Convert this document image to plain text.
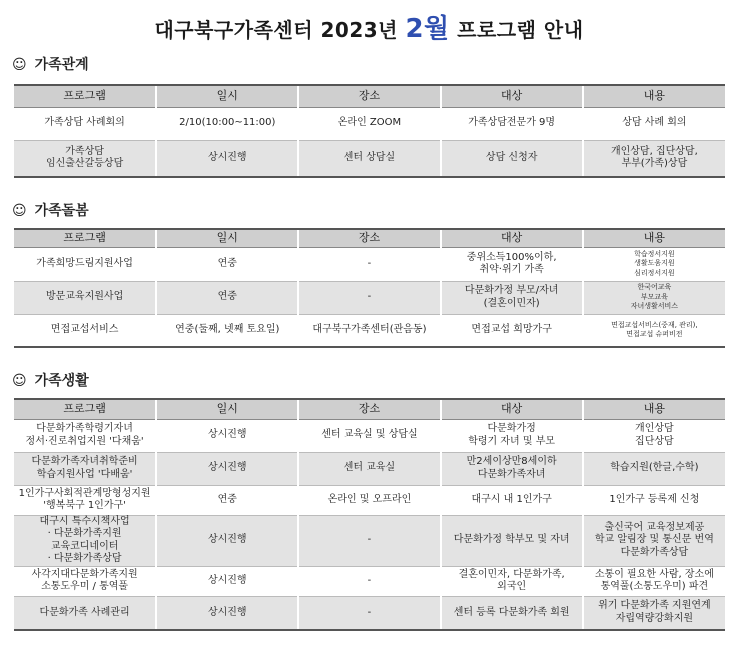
대구북구가족센터 2023년 2월 프로그램 안내
☺ 가족관계
프로그램	일시	장소	대상	내용

가족상담 사례회의	2/10(10:00~11:00)	온라인 ZOOM	가족상담전문가 9명	상담 사례 회의

가족상담
임신출산갈등상담	상시진행	센터 상담실	상담 신청자	개인상담, 집단상담,
부부(가족)상담
☺ 가족돌봄
프로그램	일시	장소	대상	내용

가족희망드림지원사업	연중	-	중위소득100%이하,
취약·위기 가족	학습정서지원
생활도움지원
심리정서지원

방문교육지원사업	연중	-	다문화가정 부모/자녀
(결혼이민자)	한국어교육
부모교육
자녀생활서비스

면접교섭서비스	연중(둘째, 넷째 토요일)	대구북구가족센터(관음동)	면접교섭 희망가구	면접교섭서비스(중재, 관리),
면접교섭 슈퍼비전
☺ 가족생활
프로그램	일시	장소	대상	내용

다문화가족학령기자녀
정서·진로취업지원 '다채움'	상시진행	센터 교육실 및 상담실	다문화가정
학령기 자녀 및 부모	개인상담
집단상담

다문화가족자녀취학준비
학습지원사업 '다배움'	상시진행	센터 교육실	만2세이상만8세이하
다문화가족자녀	학습지원(한글,수학)

1인가구사회적관계망형성지원
'행복북구 1인가구'	연중	온라인 및 오프라인	대구시 내 1인가구	1인가구 등록제 신청

대구시 특수시책사업
· 다문화가족지원
교육코디네이터
· 다문화가족상담	상시진행	-	다문화가정 학부모 및 자녀	출신국어 교육정보제공
학교 알림장 및 통신문 번역
다문화가족상담

사각지대다문화가족지원
소통도우미 / 통역풀	상시진행	-	결혼이민자, 다문화가족,
외국인	소통이 필요한 사람, 장소에
통역풀(소통도우미) 파견

다문화가족 사례관리	상시진행	-	센터 등록 다문화가족 회원	위기 다문화가족 지원연계
자립역량강화지원
